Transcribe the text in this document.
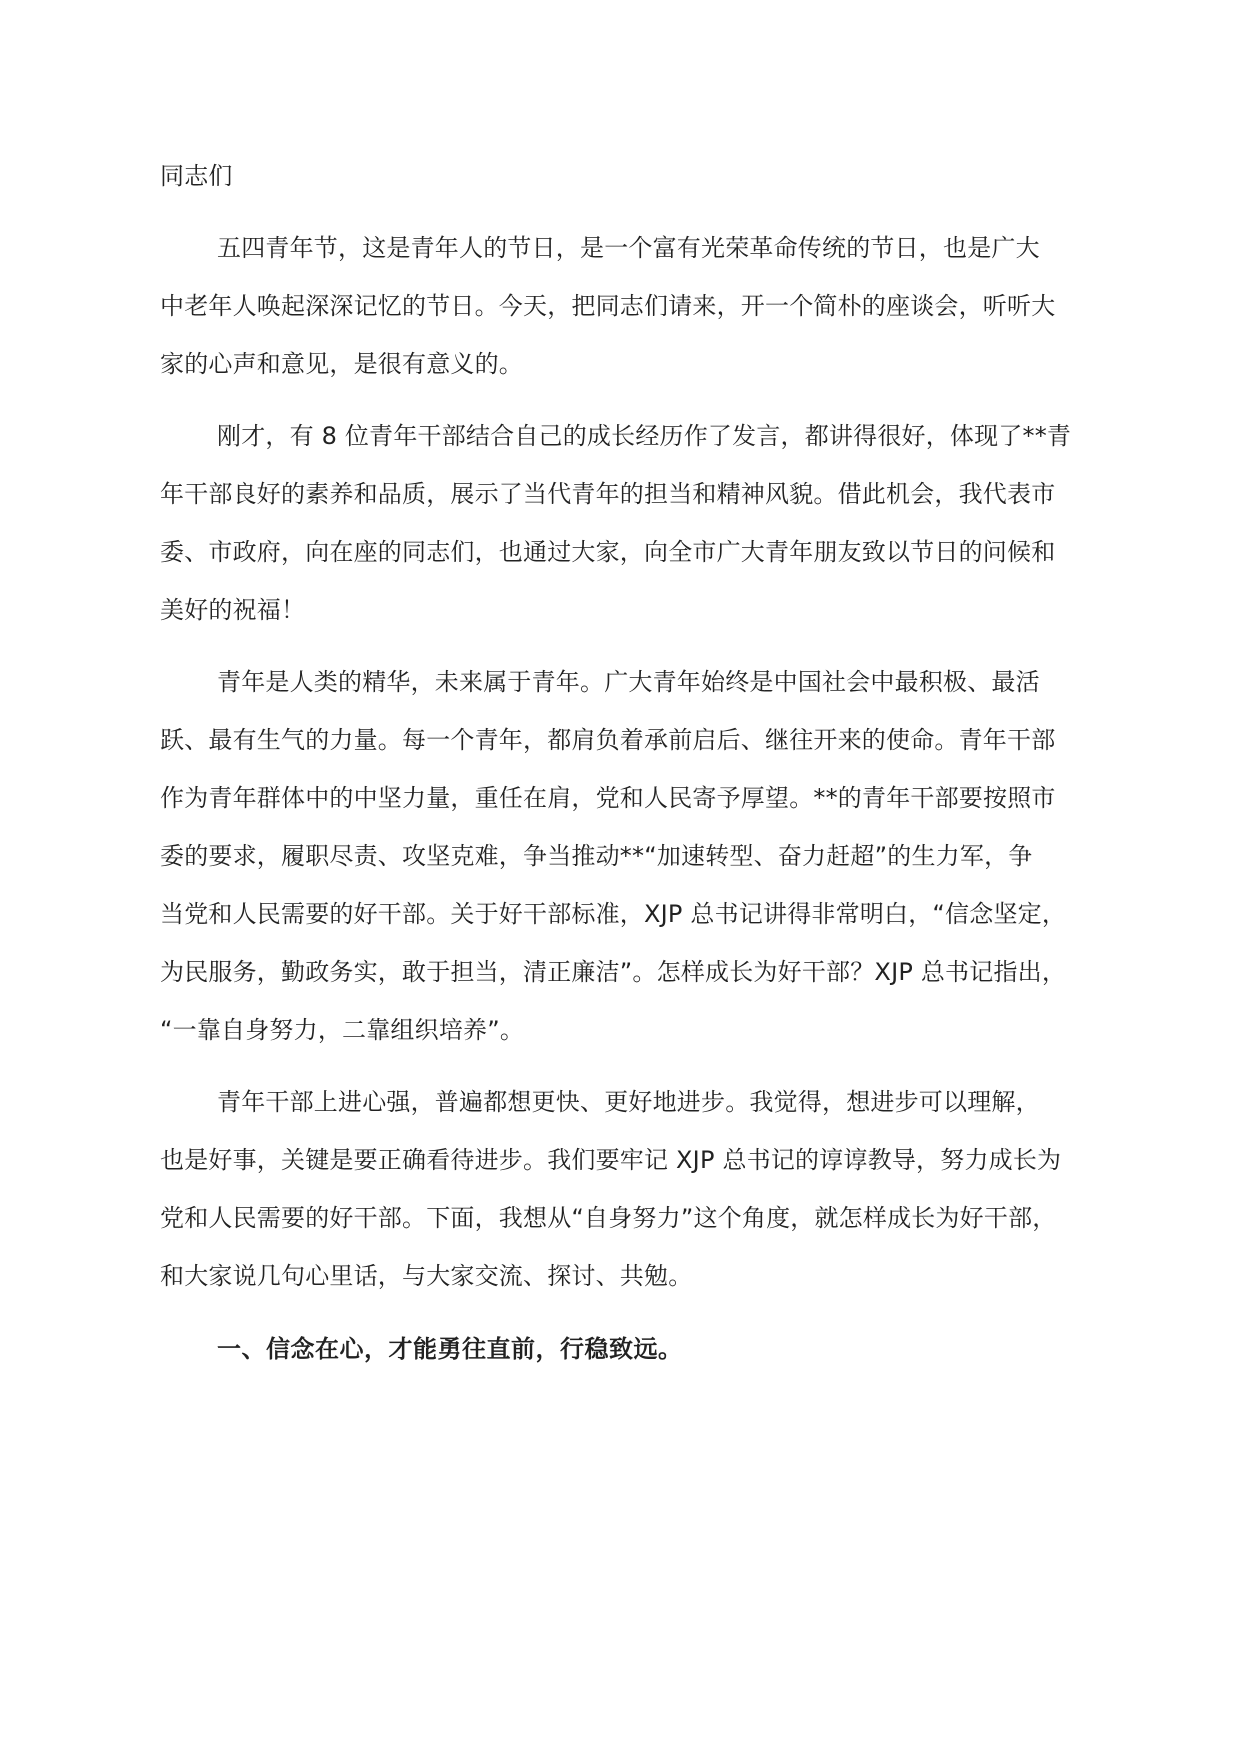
同志们
五四青年节，这是青年人的节日，是一个富有光荣革命传统的节日，也是广大
中老年人唤起深深记忆的节日。今天，把同志们请来，开一个简朴的座谈会，听听大
家的心声和意见，是很有意义的。
刚才，有 8 位青年干部结合自己的成长经历作了发言，都讲得很好，体现了**青
年干部良好的素养和品质，展示了当代青年的担当和精神风貌。借此机会，我代表市
委、市政府，向在座的同志们，也通过大家，向全市广大青年朋友致以节日的问候和
美好的祝福！
青年是人类的精华，未来属于青年。广大青年始终是中国社会中最积极、最活
跃、最有生气的力量。每一个青年，都肩负着承前启后、继往开来的使命。青年干部
作为青年群体中的中坚力量，重任在肩，党和人民寄予厚望。**的青年干部要按照市
委的要求，履职尽责、攻坚克难，争当推动**“加速转型、奋力赶超”的生力军，争
当党和人民需要的好干部。关于好干部标准，XJP 总书记讲得非常明白，“信念坚定，
为民服务，勤政务实，敢于担当，清正廉洁”。怎样成长为好干部？XJP 总书记指出，
“一靠自身努力，二靠组织培养”。
青年干部上进心强，普遍都想更快、更好地进步。我觉得，想进步可以理解，
也是好事，关键是要正确看待进步。我们要牢记 XJP 总书记的谆谆教导，努力成长为
党和人民需要的好干部。下面，我想从“自身努力”这个角度，就怎样成长为好干部，
和大家说几句心里话，与大家交流、探讨、共勉。
一、信念在心，才能勇往直前，行稳致远。
